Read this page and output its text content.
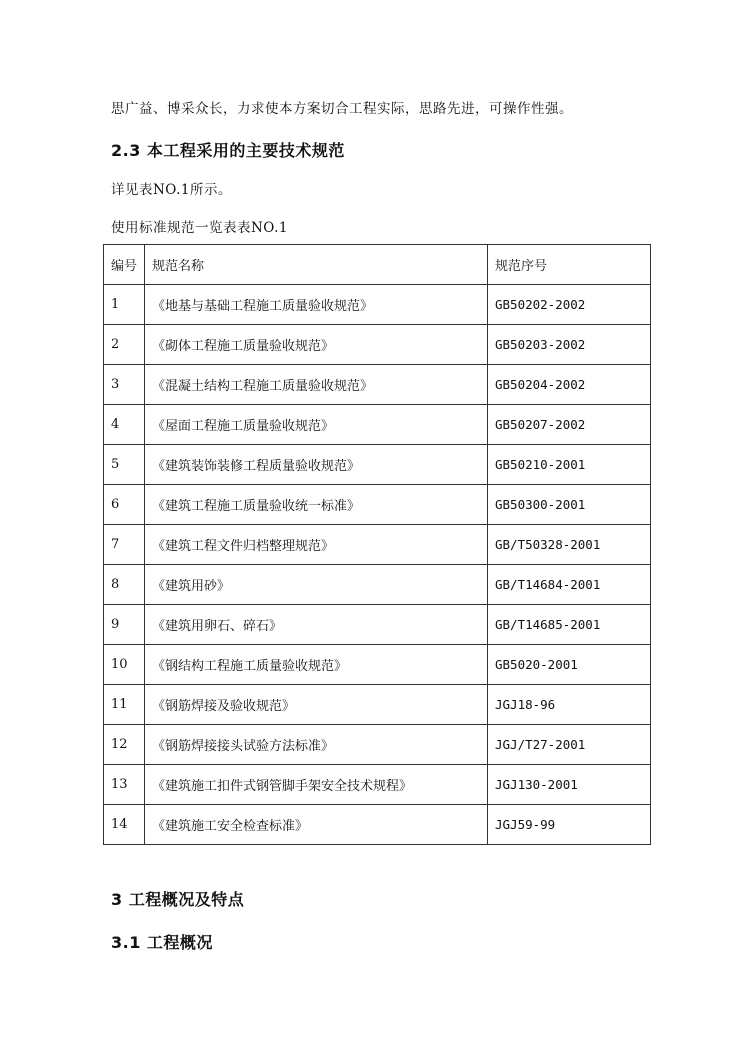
思广益、博采众长，力求使本方案切合工程实际，思路先进，可操作性强。
2.3 本工程采用的主要技术规范
详见表NO.1所示。
使用标准规范一览表表NO.1
编号	规范名称	规范序号
1	《地基与基础工程施工质量验收规范》	GB50202-2002
2	《砌体工程施工质量验收规范》	GB50203-2002
3	《混凝土结构工程施工质量验收规范》	GB50204-2002
4	《屋面工程施工质量验收规范》	GB50207-2002
5	《建筑装饰装修工程质量验收规范》	GB50210-2001
6	《建筑工程施工质量验收统一标准》	GB50300-2001
7	《建筑工程文件归档整理规范》	GB/T50328-2001
8	《建筑用砂》	GB/T14684-2001
9	《建筑用卵石、碎石》	GB/T14685-2001
10	《钢结构工程施工质量验收规范》	GB5020-2001
11	《钢筋焊接及验收规范》	JGJ18-96
12	《钢筋焊接接头试验方法标准》	JGJ/T27-2001
13	《建筑施工扣件式钢管脚手架安全技术规程》	JGJ130-2001
14	《建筑施工安全检查标准》	JGJ59-99
3 工程概况及特点
3.1 工程概况
